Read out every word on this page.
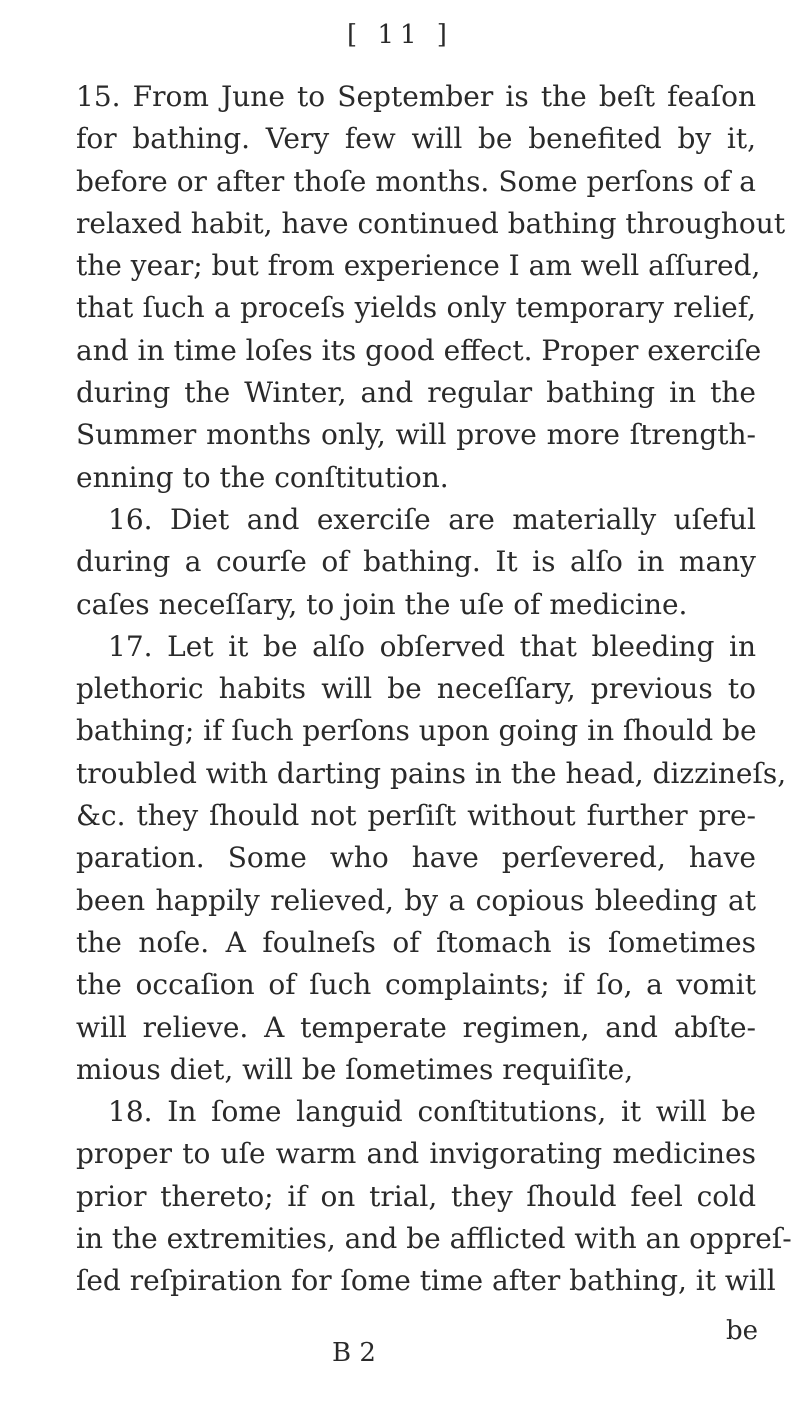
[ 11 ]
15. From June to September is the beſt feaſon
for bathing. Very few will be benefited by it,
before or after thoſe months. Some perſons of a
relaxed habit, have continued bathing throughout
the year; but from experience I am well aſſured,
that ſuch a proceſs yields only temporary relief,
and in time loſes its good effect. Proper exerciſe
during the Winter, and regular bathing in the
Summer months only, will prove more ſtrength-
enning to the conſtitution.
16. Diet and exerciſe are materially uſeful
during a courſe of bathing. It is alſo in many
caſes neceſſary, to join the uſe of medicine.
17. Let it be alſo obſerved that bleeding in
plethoric habits will be neceſſary, previous to
bathing; if ſuch perſons upon going in ſhould be
troubled with darting pains in the head, dizzineſs,
&c. they ſhould not perſiſt without further pre-
paration. Some who have perſevered, have
been happily relieved, by a copious bleeding at
the noſe. A foulneſs of ſtomach is ſometimes
the occaſion of ſuch complaints; if ſo, a vomit
will relieve. A temperate regimen, and abſte-
mious diet, will be ſometimes requiſite,
18. In ſome languid conſtitutions, it will be
proper to uſe warm and invigorating medicines
prior thereto; if on trial, they ſhould feel cold
in the extremities, and be afflicted with an oppreſ-
ſed reſpiration for ſome time after bathing, it will
be
B 2
